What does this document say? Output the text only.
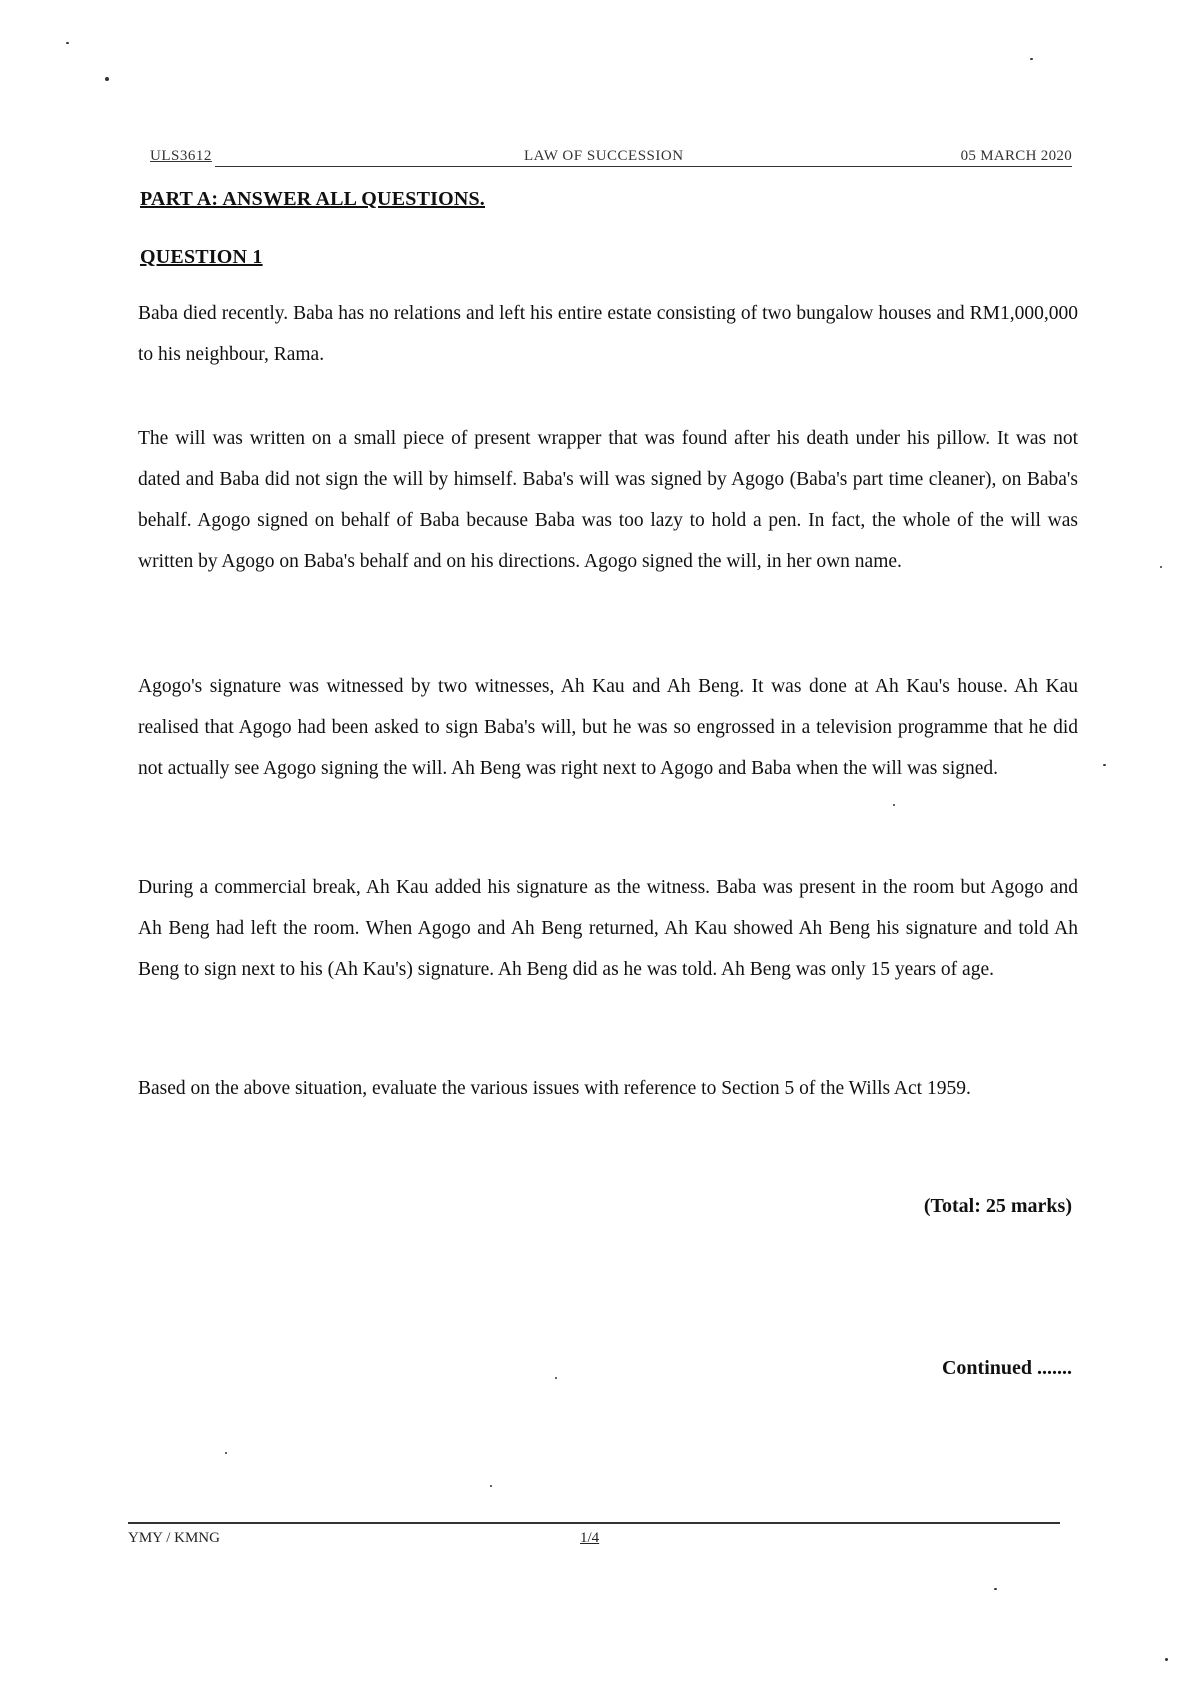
ULS3612	LAW OF SUCCESSION	05 MARCH 2020
PART A: ANSWER ALL QUESTIONS.
QUESTION 1
Baba died recently. Baba has no relations and left his entire estate consisting of two bungalow houses and RM1,000,000 to his neighbour, Rama.
The will was written on a small piece of present wrapper that was found after his death under his pillow. It was not dated and Baba did not sign the will by himself. Baba's will was signed by Agogo (Baba's part time cleaner), on Baba's behalf. Agogo signed on behalf of Baba because Baba was too lazy to hold a pen. In fact, the whole of the will was written by Agogo on Baba's behalf and on his directions. Agogo signed the will, in her own name.
Agogo's signature was witnessed by two witnesses, Ah Kau and Ah Beng. It was done at Ah Kau's house. Ah Kau realised that Agogo had been asked to sign Baba's will, but he was so engrossed in a television programme that he did not actually see Agogo signing the will. Ah Beng was right next to Agogo and Baba when the will was signed.
During a commercial break, Ah Kau added his signature as the witness. Baba was present in the room but Agogo and Ah Beng had left the room. When Agogo and Ah Beng returned, Ah Kau showed Ah Beng his signature and told Ah Beng to sign next to his (Ah Kau's) signature. Ah Beng did as he was told. Ah Beng was only 15 years of age.
Based on the above situation, evaluate the various issues with reference to Section 5 of the Wills Act 1959.
(Total: 25 marks)
Continued .......
YMY / KMNG	1/4
